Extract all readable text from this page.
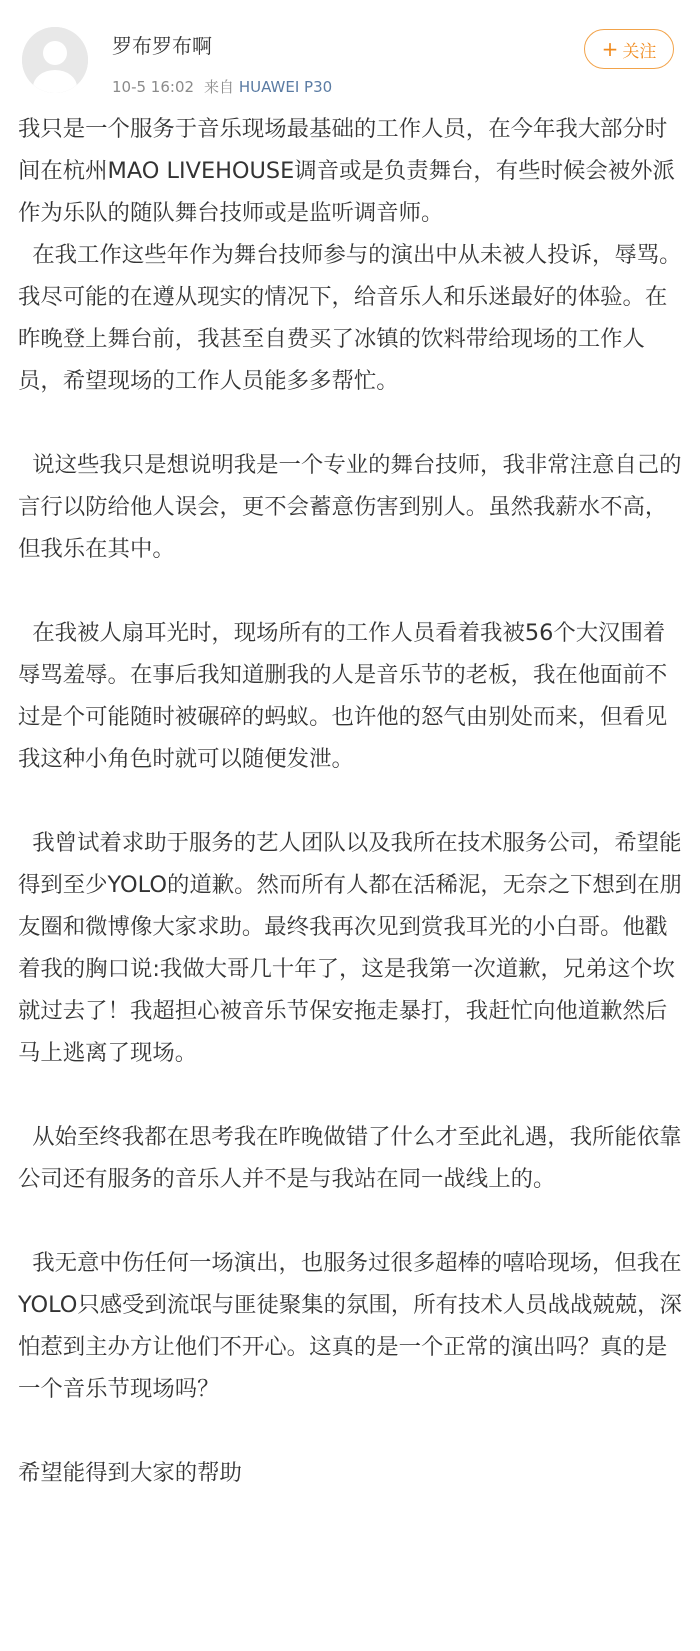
罗布罗布啊
10-5 16:02 来自 HUAWEI P30
+ 关注

我只是一个服务于音乐现场最基础的工作人员，在今年我大部分时间在杭州MAO LIVEHOUSE调音或是负责舞台，有些时候会被外派作为乐队的随队舞台技师或是监听调音师。

在我工作这些年作为舞台技师参与的演出中从未被人投诉，辱骂。我尽可能的在遵从现实的情况下，给音乐人和乐迷最好的体验。在昨晚登上舞台前，我甚至自费买了冰镇的饮料带给现场的工作人员，希望现场的工作人员能多多帮忙。

说这些我只是想说明我是一个专业的舞台技师，我非常注意自己的言行以防给他人误会，更不会蓄意伤害到别人。虽然我薪水不高，但我乐在其中。

在我被人扇耳光时，现场所有的工作人员看着我被56个大汉围着辱骂羞辱。在事后我知道删我的人是音乐节的老板，我在他面前不过是个可能随时被碾碎的蚂蚁。也许他的怒气由别处而来，但看见我这种小角色时就可以随便发泄。

我曾试着求助于服务的艺人团队以及我所在技术服务公司，希望能得到至少YOLO的道歉。然而所有人都在活稀泥，无奈之下想到在朋友圈和微博像大家求助。最终我再次见到赏我耳光的小白哥。他戳着我的胸口说:我做大哥几十年了，这是我第一次道歉，兄弟这个坎就过去了！我超担心被音乐节保安拖走暴打，我赶忙向他道歉然后马上逃离了现场。

从始至终我都在思考我在昨晚做错了什么才至此礼遇，我所能依靠公司还有服务的音乐人并不是与我站在同一战线上的。

我无意中伤任何一场演出，也服务过很多超棒的嘻哈现场，但我在YOLO只感受到流氓与匪徒聚集的氛围，所有技术人员战战兢兢，深怕惹到主办方让他们不开心。这真的是一个正常的演出吗？真的是一个音乐节现场吗？

希望能得到大家的帮助
